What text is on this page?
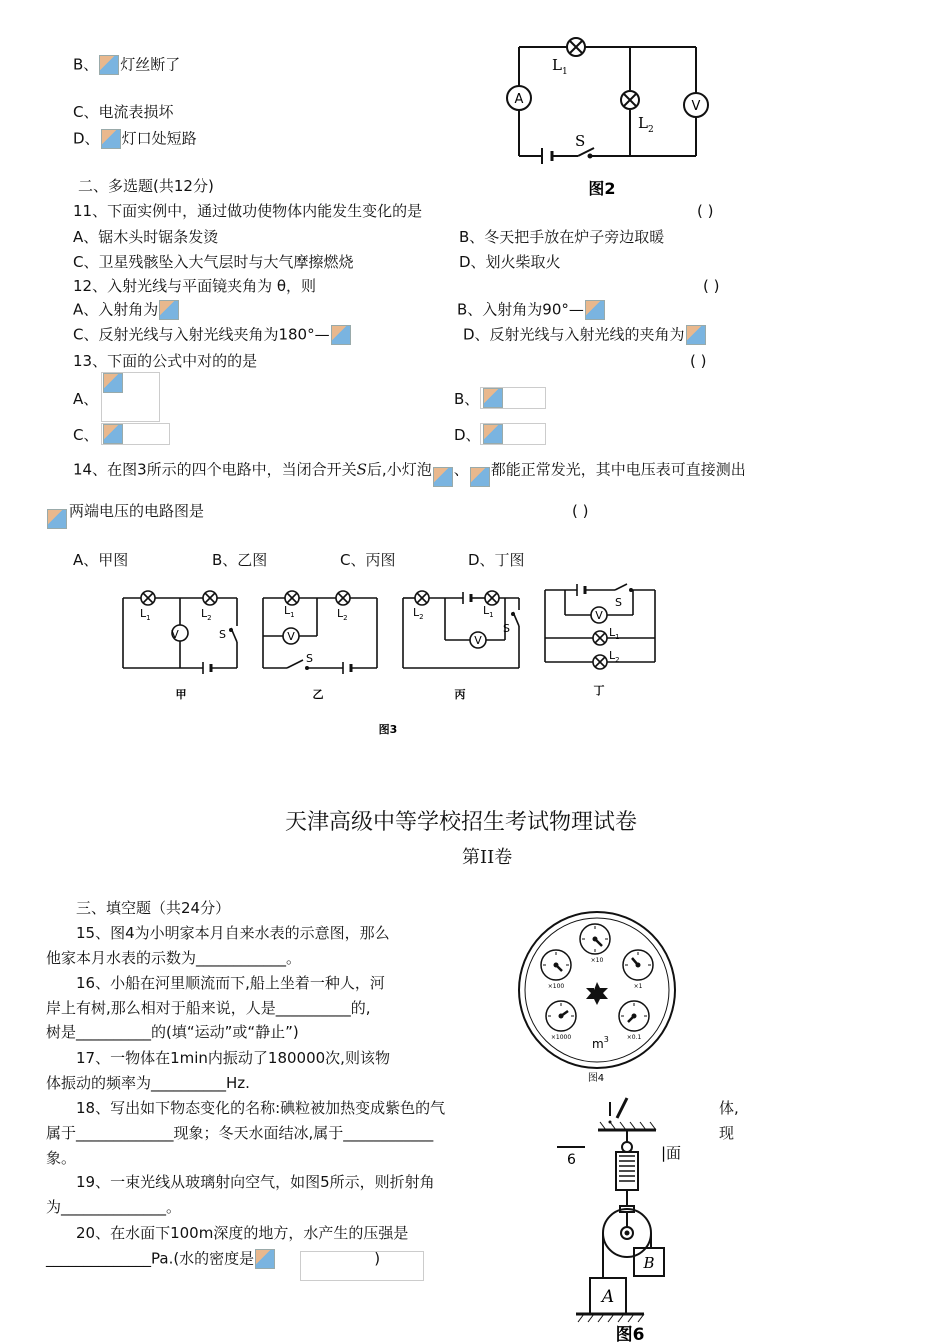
B、 灯丝断了
C、电流表损坏
D、 灯口处短路
二、多选题(共12分)
11、下面实例中，通过做功使物体内能发生变化的是	( )
A、锯木头时锯条发烫	B、冬天把手放在炉子旁边取暖
C、卫星残骸坠入大气层时与大气摩擦燃烧	D、划火柴取火
12、入射光线与平面镜夹角为 θ，则	( )
A、入射角为	B、入射角为90°—
C、反射光线与入射光线夹角为180°—	D、反射光线与入射光线的夹角为
13、下面的公式中对的的是	( )
A、	B、
C、	D、
14、在图3所示的四个电路中，当闭合开关S后,小灯泡 、 都能正常发光，其中电压表可直接测出
两端电压的电路图是	( )
A、甲图	B、乙图	C、丙图	D、丁图
A	V
$L_1$
$L_2$
S
图2
$L_1$	$L_2$
S
$L_1$	$L_2$
S
$L_2$	$L_1$
S
S
$L_1$
$L_2$
V	V	V
V
甲	乙	丙	丁
图3
天津高级中等学校招生考试物理试卷
第II卷
三、填空题（共24分）
15、图4为小明家本月自来水表的示意图，那么
他家本月水表的示数为____________。
16、小船在河里顺流而下,船上坐着一种人，河
岸上有树,那么相对于船来说，人是__________的,
树是__________的(填“运动”或“静止”)
17、一物体在1min内振动了180000次,则该物
体振动的频率为__________Hz.
18、写出如下物态变化的名称:碘粒被加热变成紫色的气	体,
属于_____________现象；冬天水面结冰,属于____________	现
象。
19、一束光线从玻璃射向空气，如图5所示，则折射角
为______________。
20、在水面下100m深度的地方，水产生的压强是
______________Pa.(水的密度是	)
×10
×100	×1
×1000	×0.1
$m^3$
图4
6	|面
B
A
图6
